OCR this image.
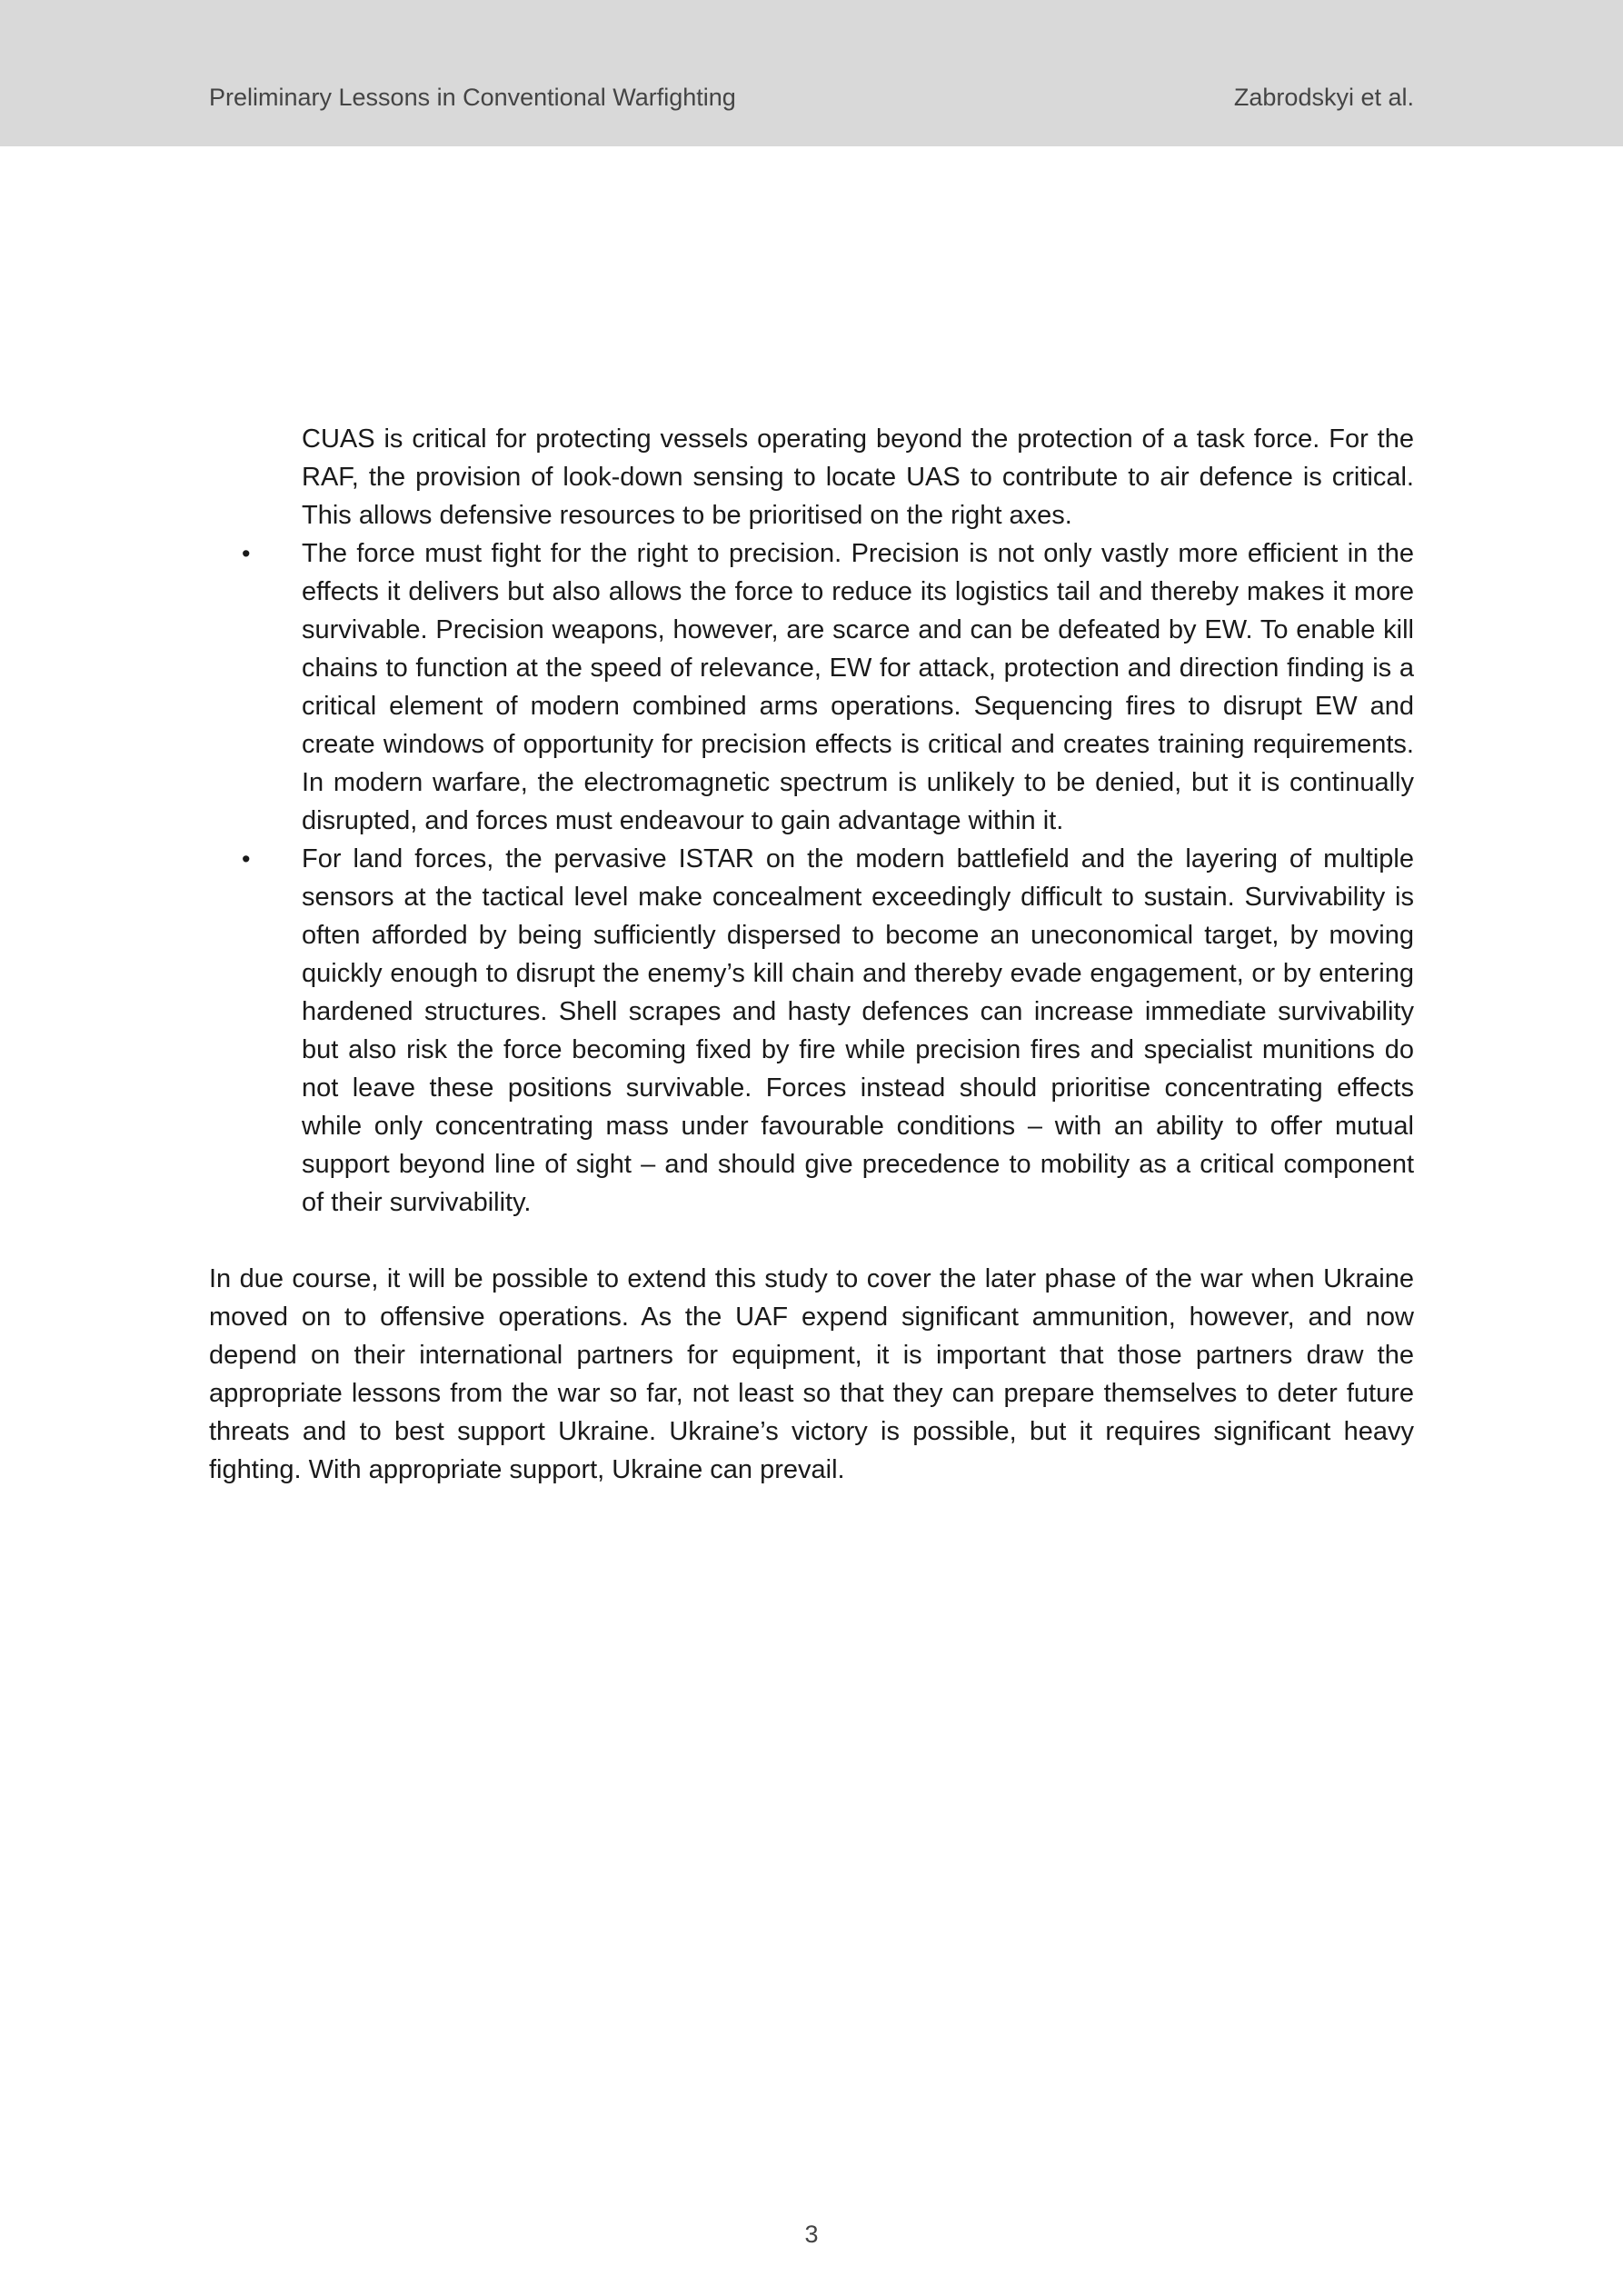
Preliminary Lessons in Conventional Warfighting	Zabrodskyi et al.

CUAS is critical for protecting vessels operating beyond the protection of a task force. For the RAF, the provision of look-down sensing to locate UAS to contribute to air defence is critical. This allows defensive resources to be prioritised on the right axes.

• The force must fight for the right to precision. Precision is not only vastly more efficient in the effects it delivers but also allows the force to reduce its logistics tail and thereby makes it more survivable. Precision weapons, however, are scarce and can be defeated by EW. To enable kill chains to function at the speed of relevance, EW for attack, protection and direction finding is a critical element of modern combined arms operations. Sequencing fires to disrupt EW and create windows of opportunity for precision effects is critical and creates training requirements. In modern warfare, the electromagnetic spectrum is unlikely to be denied, but it is continually disrupted, and forces must endeavour to gain advantage within it.
• For land forces, the pervasive ISTAR on the modern battlefield and the layering of multiple sensors at the tactical level make concealment exceedingly difficult to sustain. Survivability is often afforded by being sufficiently dispersed to become an uneconomical target, by moving quickly enough to disrupt the enemy’s kill chain and thereby evade engagement, or by entering hardened structures. Shell scrapes and hasty defences can increase immediate survivability but also risk the force becoming fixed by fire while precision fires and specialist munitions do not leave these positions survivable. Forces instead should prioritise concentrating effects while only concentrating mass under favourable conditions – with an ability to offer mutual support beyond line of sight – and should give precedence to mobility as a critical component of their survivability.

In due course, it will be possible to extend this study to cover the later phase of the war when Ukraine moved on to offensive operations. As the UAF expend significant ammunition, however, and now depend on their international partners for equipment, it is important that those partners draw the appropriate lessons from the war so far, not least so that they can prepare themselves to deter future threats and to best support Ukraine. Ukraine’s victory is possible, but it requires significant heavy fighting. With appropriate support, Ukraine can prevail.

3
